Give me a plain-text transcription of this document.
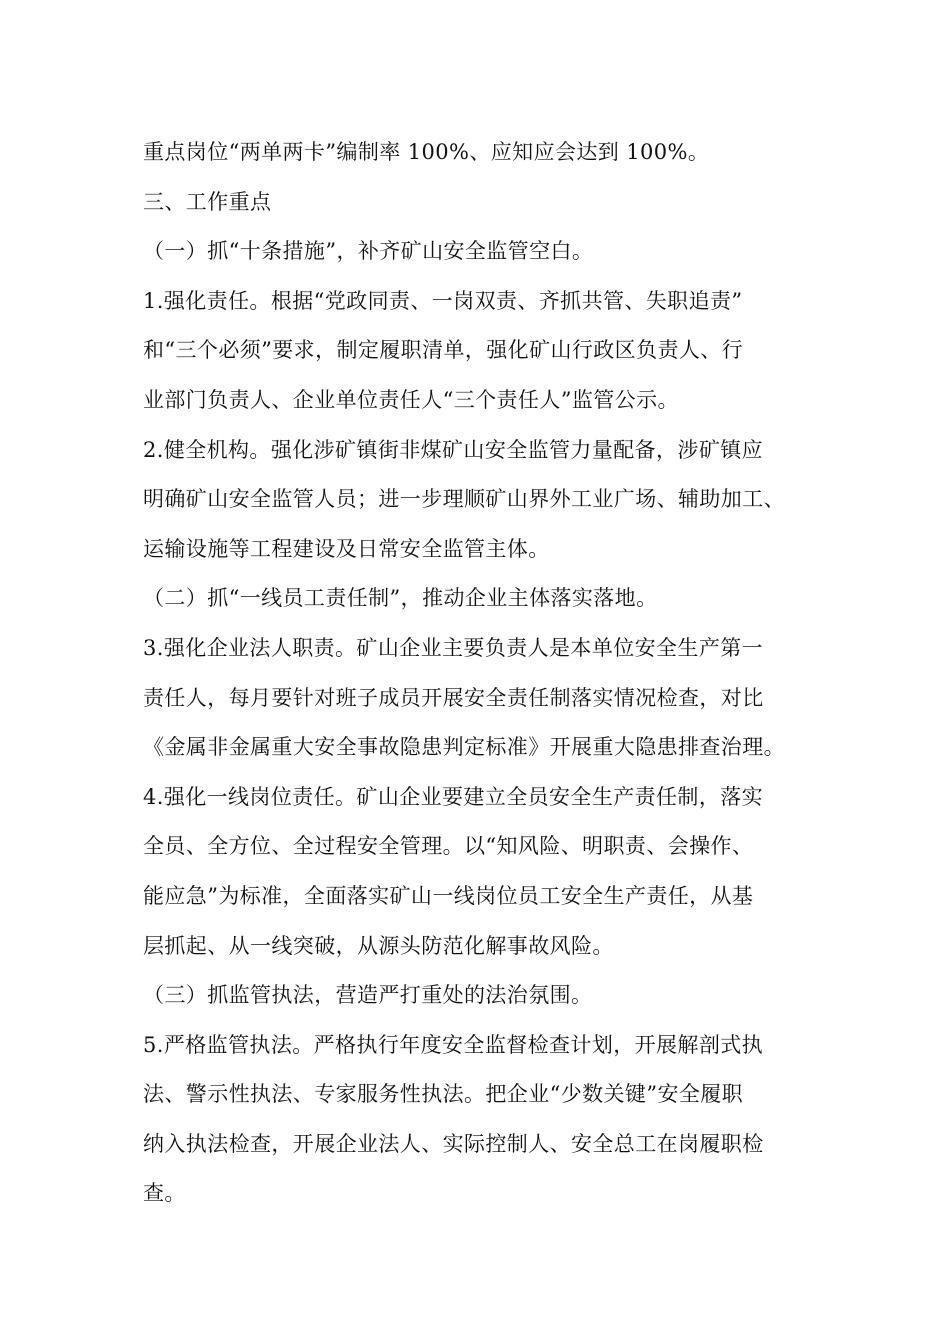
重点岗位“两单两卡”编制率 100%、应知应会达到 100%。
三、工作重点
（一）抓“十条措施”，补齐矿山安全监管空白。
1.强化责任。根据“党政同责、一岗双责、齐抓共管、失职追责”
和“三个必须”要求，制定履职清单，强化矿山行政区负责人、行
业部门负责人、企业单位责任人“三个责任人”监管公示。
2.健全机构。强化涉矿镇街非煤矿山安全监管力量配备，涉矿镇应
明确矿山安全监管人员；进一步理顺矿山界外工业广场、辅助加工、
运输设施等工程建设及日常安全监管主体。
（二）抓“一线员工责任制”，推动企业主体落实落地。
3.强化企业法人职责。矿山企业主要负责人是本单位安全生产第一
责任人，每月要针对班子成员开展安全责任制落实情况检查，对比
《金属非金属重大安全事故隐患判定标准》开展重大隐患排查治理。
4.强化一线岗位责任。矿山企业要建立全员安全生产责任制，落实
全员、全方位、全过程安全管理。以“知风险、明职责、会操作、
能应急”为标准，全面落实矿山一线岗位员工安全生产责任，从基
层抓起、从一线突破，从源头防范化解事故风险。
（三）抓监管执法，营造严打重处的法治氛围。
5.严格监管执法。严格执行年度安全监督检查计划，开展解剖式执
法、警示性执法、专家服务性执法。把企业“少数关键”安全履职
纳入执法检查，开展企业法人、实际控制人、安全总工在岗履职检
查。
